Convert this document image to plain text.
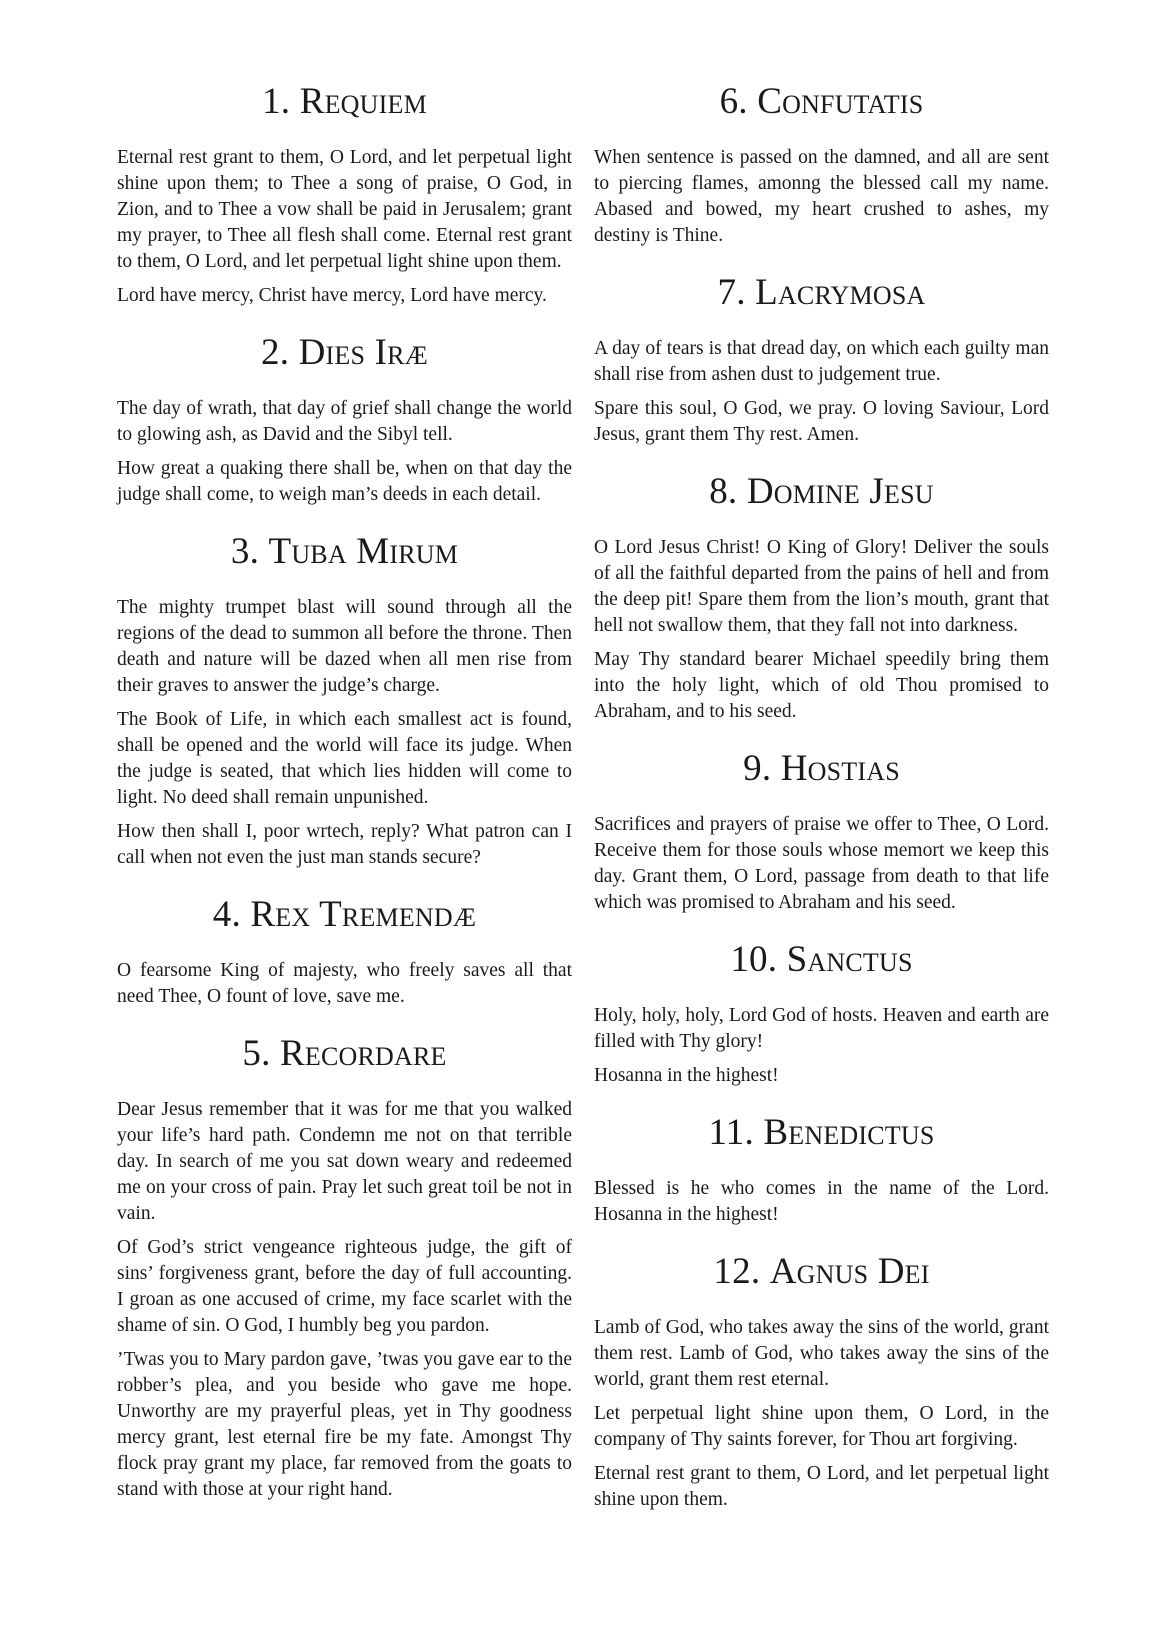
1. Requiem

Eternal rest grant to them, O Lord, and let perpetual light shine upon them; to Thee a song of praise, O God, in Zion, and to Thee a vow shall be paid in Jerusalem; grant my prayer, to Thee all flesh shall come. Eternal rest grant to them, O Lord, and let perpetual light shine upon them.

Lord have mercy, Christ have mercy, Lord have mercy.

2. Dies Iræ

The day of wrath, that day of grief shall change the world to glowing ash, as David and the Sibyl tell.

How great a quaking there shall be, when on that day the judge shall come, to weigh man’s deeds in each detail.

3. Tuba Mirum

The mighty trumpet blast will sound through all the regions of the dead to summon all before the throne. Then death and nature will be dazed when all men rise from their graves to answer the judge’s charge.

The Book of Life, in which each smallest act is found, shall be opened and the world will face its judge. When the judge is seated, that which lies hidden will come to light. No deed shall remain unpunished.

How then shall I, poor wrtech, reply? What patron can I call when not even the just man stands secure?

4. Rex Tremendæ

O fearsome King of majesty, who freely saves all that need Thee, O fount of love, save me.

5. Recordare

Dear Jesus remember that it was for me that you walked your life’s hard path. Condemn me not on that terrible day. In search of me you sat down weary and redeemed me on your cross of pain. Pray let such great toil be not in vain.

Of God’s strict vengeance righteous judge, the gift of sins’ forgiveness grant, before the day of full accounting. I groan as one accused of crime, my face scarlet with the shame of sin. O God, I humbly beg you pardon.

’Twas you to Mary pardon gave, ’twas you gave ear to the robber’s plea, and you beside who gave me hope. Unworthy are my prayerful pleas, yet in Thy goodness mercy grant, lest eternal fire be my fate. Amongst Thy flock pray grant my place, far removed from the goats to stand with those at your right hand.

6. Confutatis

When sentence is passed on the damned, and all are sent to piercing flames, amonng the blessed call my name. Abased and bowed, my heart crushed to ashes, my destiny is Thine.

7. Lacrymosa

A day of tears is that dread day, on which each guilty man shall rise from ashen dust to judgement true.

Spare this soul, O God, we pray. O loving Saviour, Lord Jesus, grant them Thy rest. Amen.

8. Domine Jesu

O Lord Jesus Christ! O King of Glory! Deliver the souls of all the faithful departed from the pains of hell and from the deep pit! Spare them from the lion’s mouth, grant that hell not swallow them, that they fall not into darkness.

May Thy standard bearer Michael speedily bring them into the holy light, which of old Thou promised to Abraham, and to his seed.

9. Hostias

Sacrifices and prayers of praise we offer to Thee, O Lord. Receive them for those souls whose memort we keep this day. Grant them, O Lord, passage from death to that life which was promised to Abraham and his seed.

10. Sanctus

Holy, holy, holy, Lord God of hosts. Heaven and earth are filled with Thy glory!

Hosanna in the highest!

11. Benedictus

Blessed is he who comes in the name of the Lord. Hosanna in the highest!

12. Agnus Dei

Lamb of God, who takes away the sins of the world, grant them rest. Lamb of God, who takes away the sins of the world, grant them rest eternal.

Let perpetual light shine upon them, O Lord, in the company of Thy saints forever, for Thou art forgiving.

Eternal rest grant to them, O Lord, and let perpetual light shine upon them.
